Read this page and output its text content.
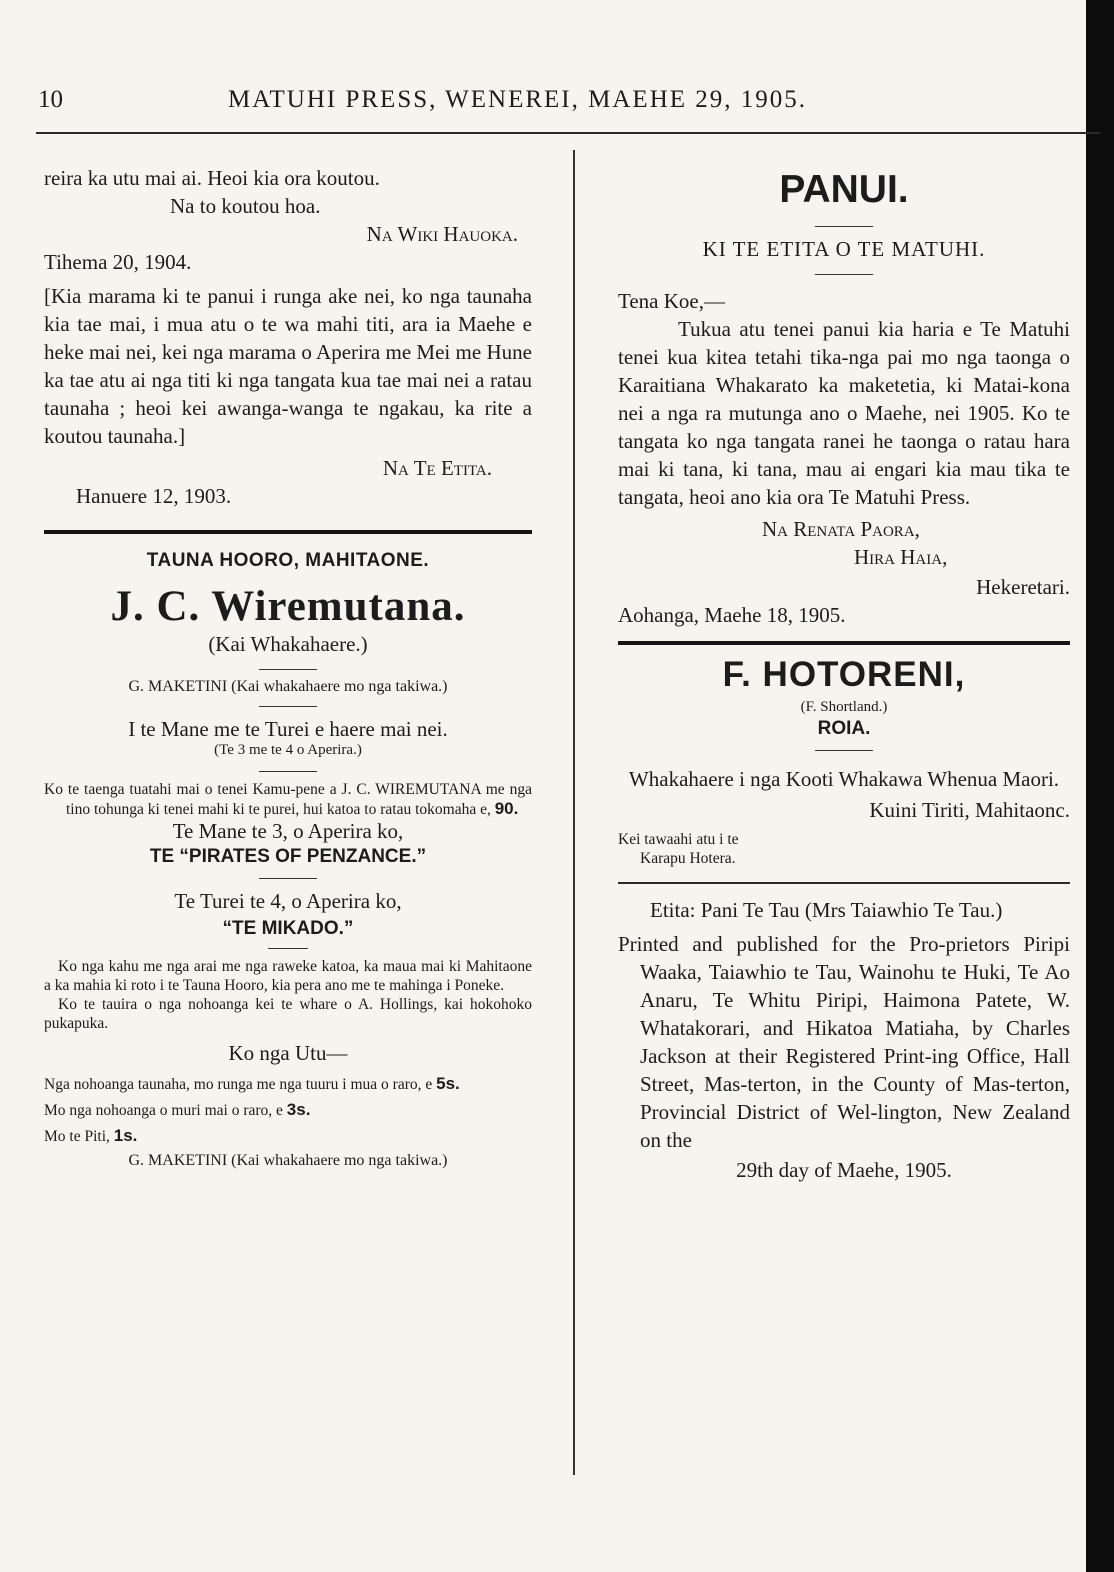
10	MATUHI PRESS, WENEREI, MAEHE 29, 1905.

reira ka utu mai ai. Heoi kia ora koutou.

Na to koutou hoa.

Na Wiki Hauoka.

Tihema 20, 1904.

[Kia marama ki te panui i runga ake nei, ko nga taunaha kia tae mai, i mua atu o te wa mahi titi, ara ia Maehe e heke mai nei, kei nga marama o Aperira me Mei me Hune ka tae atu ai nga titi ki nga tangata kua tae mai nei a ratau taunaha ; heoi kei awanga-wanga te ngakau, ka rite a koutou taunaha.]

Na Te Etita.

Hanuere 12, 1903.

TAUNA HOORO, MAHITAONE.
J. C. Wiremutana.
(Kai Whakahaere.)
G. MAKETINI (Kai whakahaere mo nga takiwa.)
I te Mane me te Turei e haere mai nei.
(Te 3 me te 4 o Aperira.)

Ko te taenga tuatahi mai o tenei Kamu-pene a J. C. WIREMUTANA me nga tino tohunga ki tenei mahi ki te purei, hui katoa to ratau tokomaha e, 90.

Te Mane te 3, o Aperira ko,
TE “PIRATES OF PENZANCE.”
Te Turei te 4, o Aperira ko,
“TE MIKADO.”

Ko nga kahu me nga arai me nga raweke katoa, ka maua mai ki Mahitaone a ka mahia ki roto i te Tauna Hooro, kia pera ano me te mahinga i Poneke.

Ko te tauira o nga nohoanga kei te whare o A. Hollings, kai hokohoko pukapuka.

Ko nga Utu—

Nga nohoanga taunaha, mo runga me nga tuuru i mua o raro, e 5s.

Mo nga nohoanga o muri mai o raro, e 3s.

Mo te Piti, 1s.

G. MAKETINI (Kai whakahaere mo nga takiwa.)
PANUI.
KI TE ETITA O TE MATUHI.

Tena Koe,—

Tukua atu tenei panui kia haria e Te Matuhi tenei kua kitea tetahi tika-nga pai mo nga taonga o Karaitiana Whakarato ka maketetia, ki Matai-kona nei a nga ra mutunga ano o Maehe, nei 1905. Ko te tangata ko nga tangata ranei he taonga o ratau hara mai ki tana, ki tana, mau ai engari kia mau tika te tangata, heoi ano kia ora Te Matuhi Press.

Na Renata Paora,

Hira Haia,

Hekeretari.

Aohanga, Maehe 18, 1905.

F. HOTORENI,
(F. Shortland.)
ROIA.

Whakahaere i nga Kooti Whakawa Whenua Maori.

Kuini Tiriti, Mahitaonc.

Kei tawaahi atu i te

Karapu Hotera.

Etita: Pani Te Tau (Mrs Taiawhio Te Tau.)

Printed and published for the Pro-prietors Piripi Waaka, Taiawhio te Tau, Wainohu te Huki, Te Ao Anaru, Te Whitu Piripi, Haimona Patete, W. Whatakorari, and Hikatoa Matiaha, by Charles Jackson at their Registered Print-ing Office, Hall Street, Mas-terton, in the County of Mas-terton, Provincial District of Wel-lington, New Zealand on the

29th day of Maehe, 1905.
